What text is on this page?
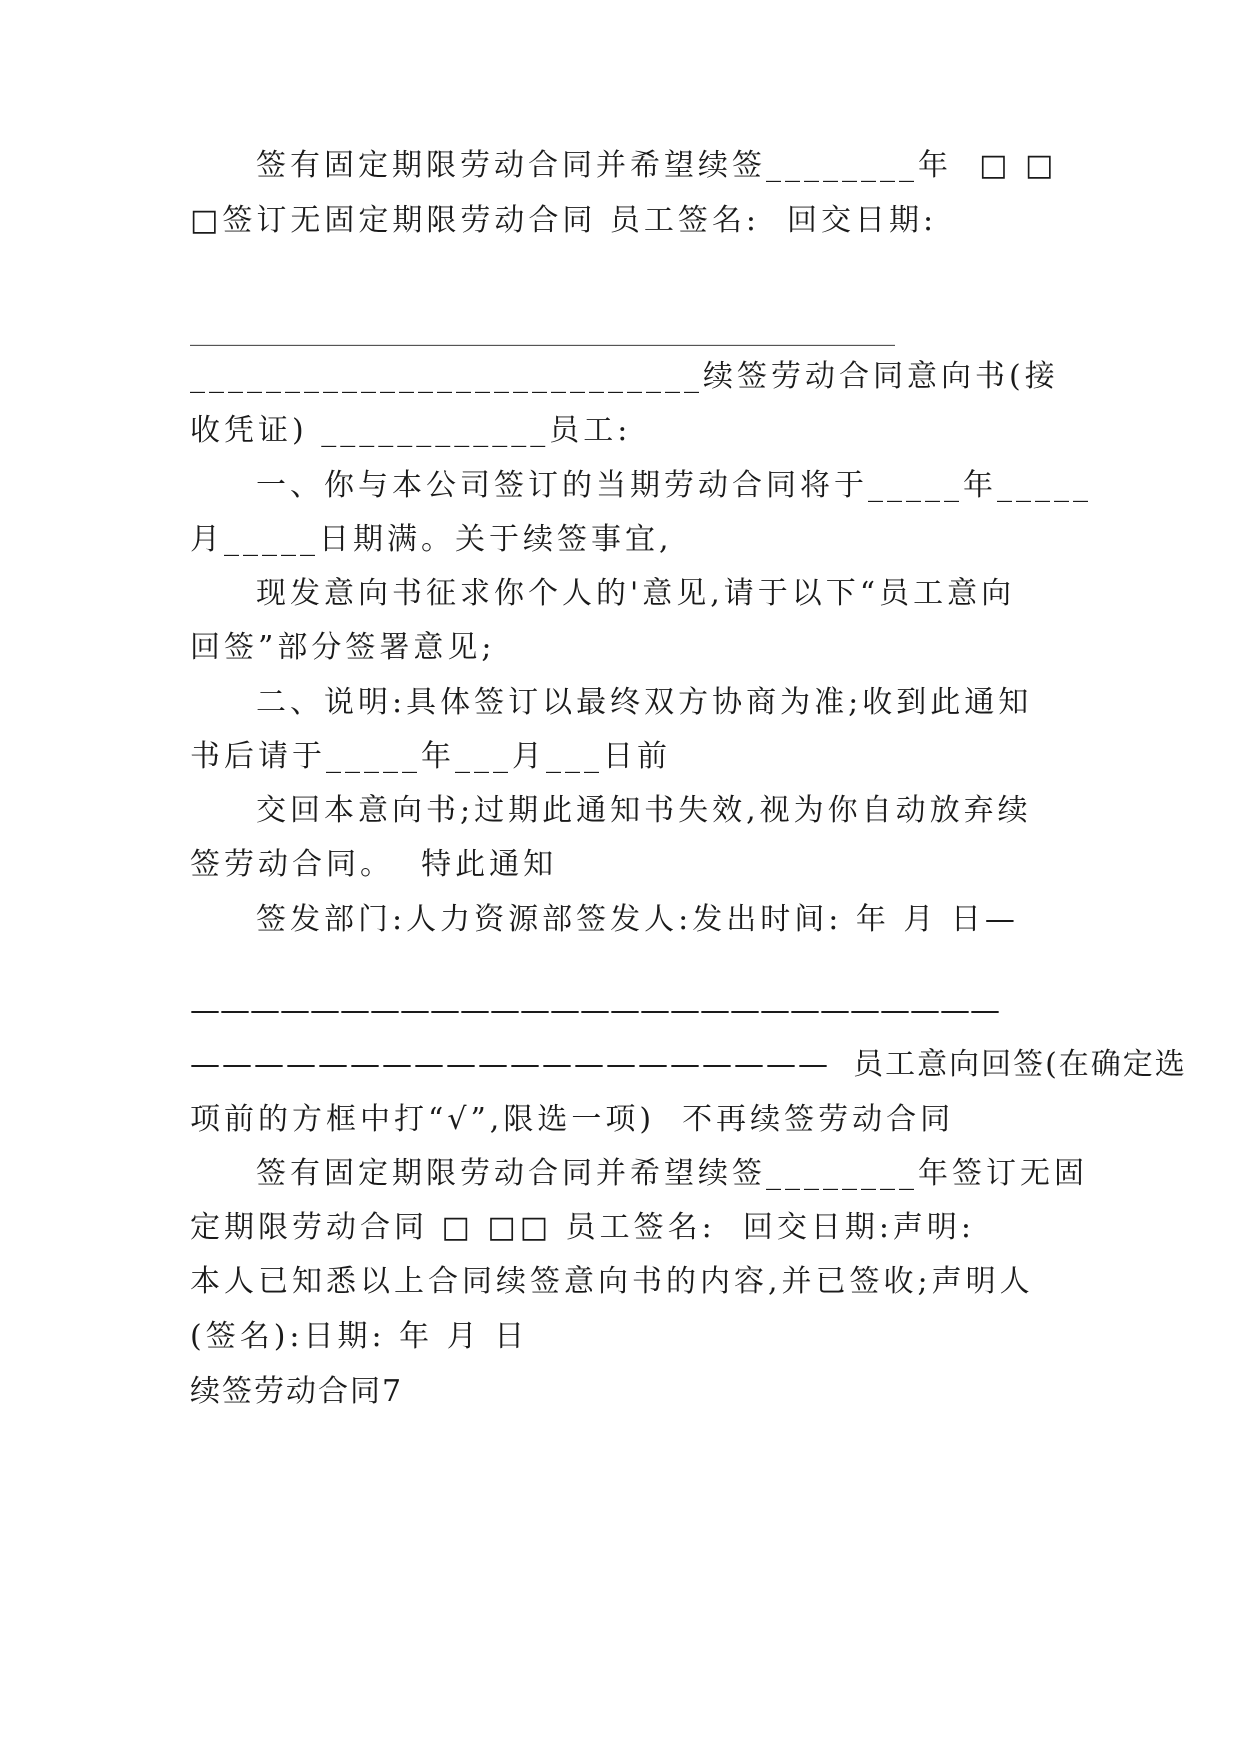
签有固定期限劳动合同并希望续签________年  □ □
□签订无固定期限劳动合同 员工签名:  回交日期:
_______________________________________________
___________________________续签劳动合同意向书(接
收凭证) ____________员工:
一、你与本公司签订的当期劳动合同将于_____年_____
月_____日期满。关于续签事宜,
现发意向书征求你个人的'意见,请于以下“员工意向
回签”部分签署意见;
二、说明:具体签订以最终双方协商为准;收到此通知
书后请于_____年___月___日前
交回本意向书;过期此通知书失效,视为你自动放弃续
签劳动合同。  特此通知
签发部门:人力资源部签发人:发出时间: 年 月 日—
———————————————————————————
————————————————————  员工意向回签(在确定选
项前的方框中打“√”,限选一项)  不再续签劳动合同
签有固定期限劳动合同并希望续签________年签订无固
定期限劳动合同 □ □□ 员工签名:  回交日期:声明:
本人已知悉以上合同续签意向书的内容,并已签收;声明人
(签名):日期: 年 月 日
续签劳动合同7
